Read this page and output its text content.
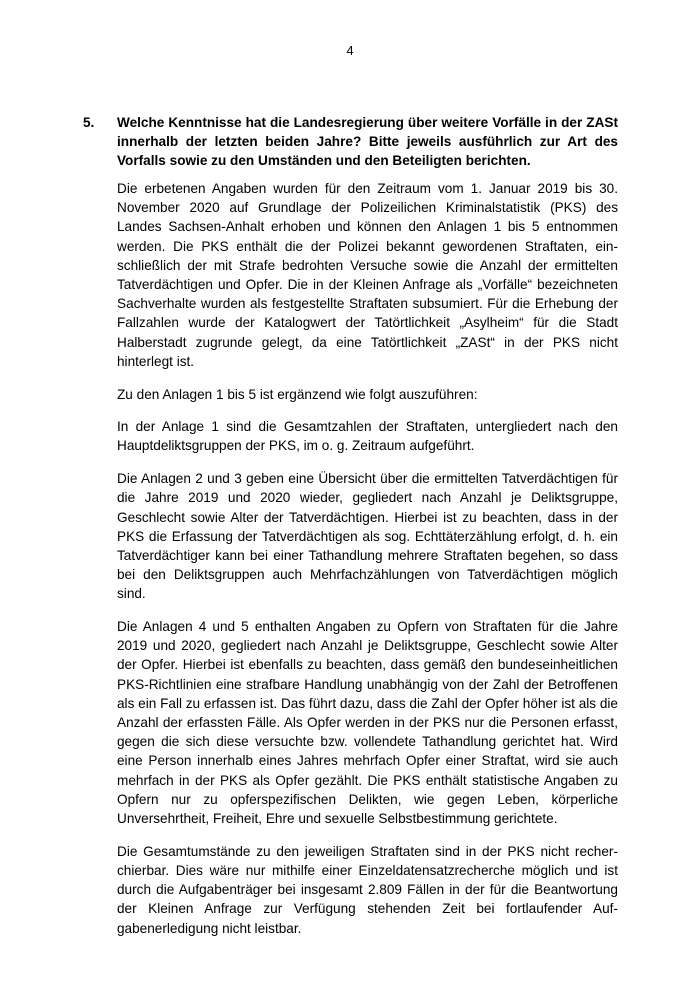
4
5. Welche Kenntnisse hat die Landesregierung über weitere Vorfälle in der ZASt innerhalb der letzten beiden Jahre? Bitte jeweils ausführlich zur Art des Vorfalls sowie zu den Umständen und den Beteiligten berichten.

Die erbetenen Angaben wurden für den Zeitraum vom 1. Januar 2019 bis 30. November 2020 auf Grundlage der Polizeilichen Kriminalstatistik (PKS) des Landes Sachsen-Anhalt erhoben und können den Anlagen 1 bis 5 entnommen werden. Die PKS enthält die der Polizei bekannt gewordenen Straftaten, einschließlich der mit Strafe bedrohten Versuche sowie die Anzahl der ermittelten Tatverdächtigen und Opfer. Die in der Kleinen Anfrage als „Vorfälle“ bezeichneten Sachverhalte wurden als festgestellte Straftaten subsumiert. Für die Erhebung der Fallzahlen wurde der Katalogwert der Tatörtlichkeit „Asylheim“ für die Stadt Halberstadt zugrunde gelegt, da eine Tatörtlichkeit „ZASt“ in der PKS nicht hinterlegt ist.

Zu den Anlagen 1 bis 5 ist ergänzend wie folgt auszuführen:

In der Anlage 1 sind die Gesamtzahlen der Straftaten, untergliedert nach den Hauptdeliktsgruppen der PKS, im o. g. Zeitraum aufgeführt.

Die Anlagen 2 und 3 geben eine Übersicht über die ermittelten Tatverdächtigen für die Jahre 2019 und 2020 wieder, gegliedert nach Anzahl je Deliktsgruppe, Geschlecht sowie Alter der Tatverdächtigen. Hierbei ist zu beachten, dass in der PKS die Erfassung der Tatverdächtigen als sog. Echttäterzählung erfolgt, d. h. ein Tatverdächtiger kann bei einer Tathandlung mehrere Straftaten begehen, so dass bei den Deliktsgruppen auch Mehrfachzählungen von Tatverdächtigen möglich sind.

Die Anlagen 4 und 5 enthalten Angaben zu Opfern von Straftaten für die Jahre 2019 und 2020, gegliedert nach Anzahl je Deliktsgruppe, Geschlecht sowie Alter der Opfer. Hierbei ist ebenfalls zu beachten, dass gemäß den bundeseinheitlichen PKS-Richtlinien eine strafbare Handlung unabhängig von der Zahl der Betroffenen als ein Fall zu erfassen ist. Das führt dazu, dass die Zahl der Opfer höher ist als die Anzahl der erfassten Fälle. Als Opfer werden in der PKS nur die Personen erfasst, gegen die sich diese versuchte bzw. vollendete Tathandlung gerichtet hat. Wird eine Person innerhalb eines Jahres mehrfach Opfer einer Straftat, wird sie auch mehrfach in der PKS als Opfer gezählt. Die PKS enthält statistische Angaben zu Opfern nur zu opferspezifischen Delikten, wie gegen Leben, körperliche Unversehrtheit, Freiheit, Ehre und sexuelle Selbstbestimmung gerichtete.

Die Gesamtumstände zu den jeweiligen Straftaten sind in der PKS nicht recherchierbar. Dies wäre nur mithilfe einer Einzeldatensatzrecherche möglich und ist durch die Aufgabenträger bei insgesamt 2.809 Fällen in der für die Beantwortung der Kleinen Anfrage zur Verfügung stehenden Zeit bei fortlaufender Aufgabenerledigung nicht leistbar.
